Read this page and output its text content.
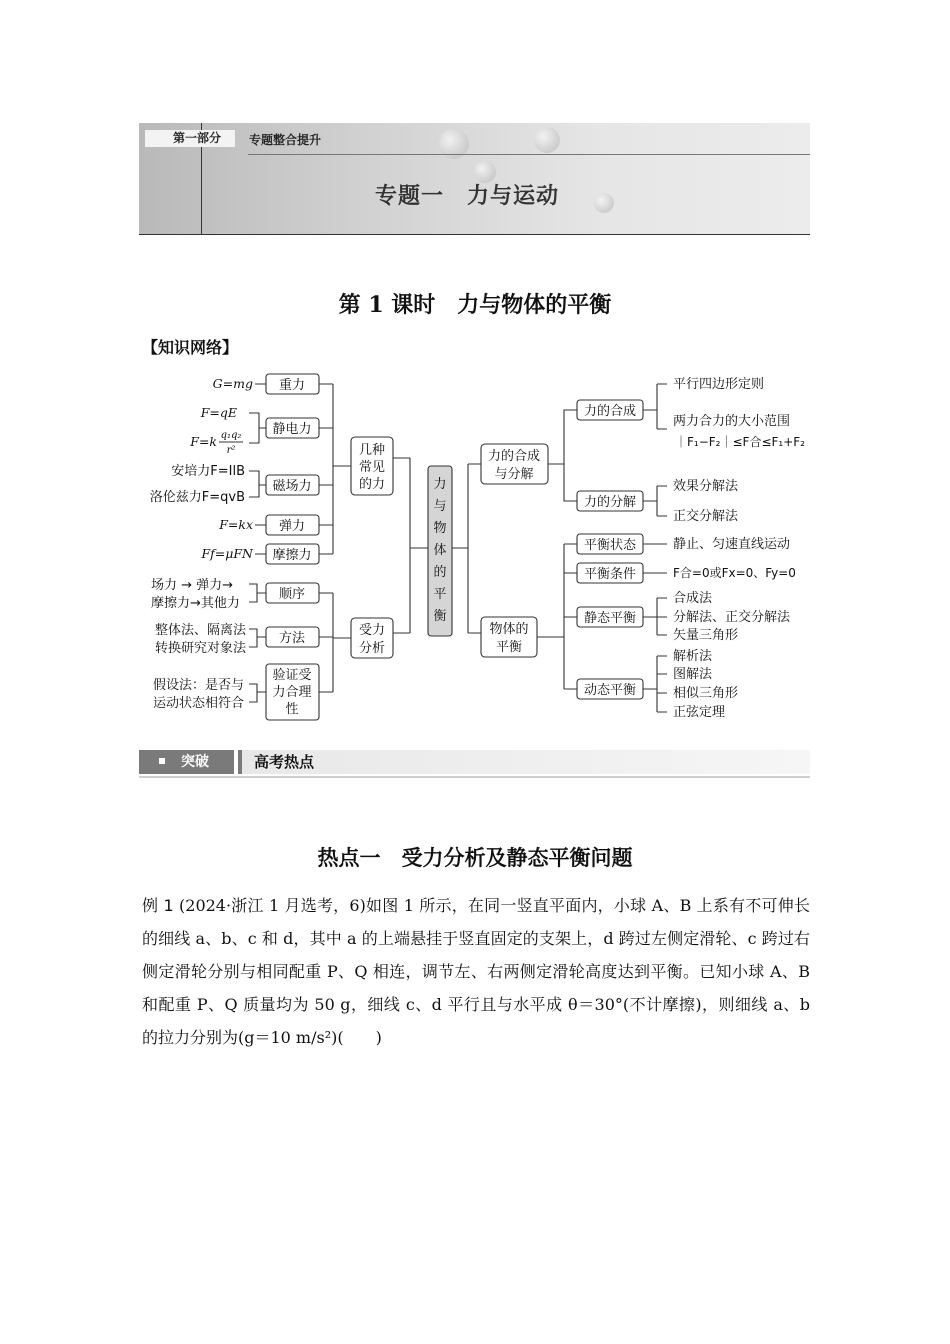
第一部分	专题整合提升
专题一　力与运动
第 1 课时　力与物体的平衡
【知识网络】
力
与
物
体
的
平
衡
几种
常见
的力
受力
分析
重力
静电力
磁场力
弹力
摩擦力
G=mg
F=qE
F=k q₁q₂
r²
安培力F=IlB
洛伦兹力F=qvB
F=kx
Ff=μFN
顺序
方法
验证受
力合理
性
场力 → 弹力→
摩擦力→其他力
整体法、隔离法
转换研究对象法
假设法：是否与
运动状态相符合
力的合成
与分解
物体的
平衡
力的合成
力的分解
平行四边形定则
两力合力的大小范围
｜F₁−F₂｜≤F合≤F₁+F₂
效果分解法
正交分解法
平衡状态
平衡条件
静态平衡
动态平衡
静止、匀速直线运动
F合=0或Fx=0、Fy=0
合成法
分解法、正交分解法
矢量三角形
解析法
图解法
相似三角形
正弦定理
突破	高考热点
热点一　受力分析及静态平衡问题
例 1 (2024·浙江 1 月选考，6)如图 1 所示，在同一竖直平面内，小球 A、B 上系有不可伸长的细线 a、b、c 和 d，其中 a 的上端悬挂于竖直固定的支架上，d 跨过左侧定滑轮、c 跨过右侧定滑轮分别与相同配重 P、Q 相连，调节左、右两侧定滑轮高度达到平衡。已知小球 A、B 和配重 P、Q 质量均为 50 g，细线 c、d 平行且与水平成 θ＝30°(不计摩擦)，则细线 a、b 的拉力分别为(g＝10 m/s²)(　　)
